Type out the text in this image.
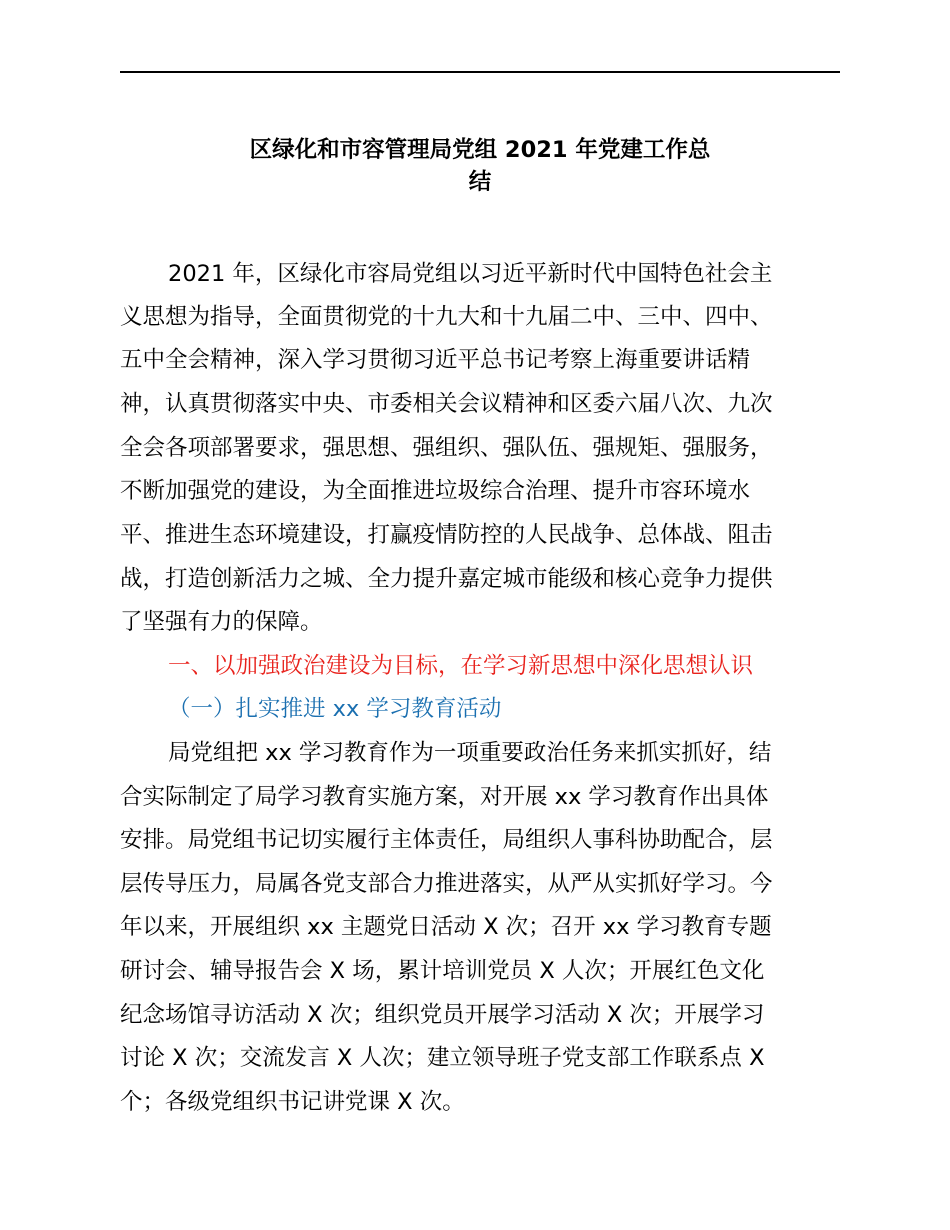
区绿化和市容管理局党组 2021 年党建工作总
结
2021 年，区绿化市容局党组以习近平新时代中国特色社会主
义思想为指导，全面贯彻党的十九大和十九届二中、三中、四中、
五中全会精神，深入学习贯彻习近平总书记考察上海重要讲话精
神，认真贯彻落实中央、市委相关会议精神和区委六届八次、九次
全会各项部署要求，强思想、强组织、强队伍、强规矩、强服务，
不断加强党的建设，为全面推进垃圾综合治理、提升市容环境水
平、推进生态环境建设，打赢疫情防控的人民战争、总体战、阻击
战，打造创新活力之城、全力提升嘉定城市能级和核心竞争力提供
了坚强有力的保障。
一、以加强政治建设为目标，在学习新思想中深化思想认识
（一）扎实推进 xx 学习教育活动
局党组把 xx 学习教育作为一项重要政治任务来抓实抓好，结
合实际制定了局学习教育实施方案，对开展 xx 学习教育作出具体
安排。局党组书记切实履行主体责任，局组织人事科协助配合，层
层传导压力，局属各党支部合力推进落实，从严从实抓好学习。今
年以来，开展组织 xx 主题党日活动 X 次；召开 xx 学习教育专题
研讨会、辅导报告会 X 场，累计培训党员 X 人次；开展红色文化
纪念场馆寻访活动 X 次；组织党员开展学习活动 X 次；开展学习
讨论 X 次；交流发言 X 人次；建立领导班子党支部工作联系点 X
个；各级党组织书记讲党课 X 次。
